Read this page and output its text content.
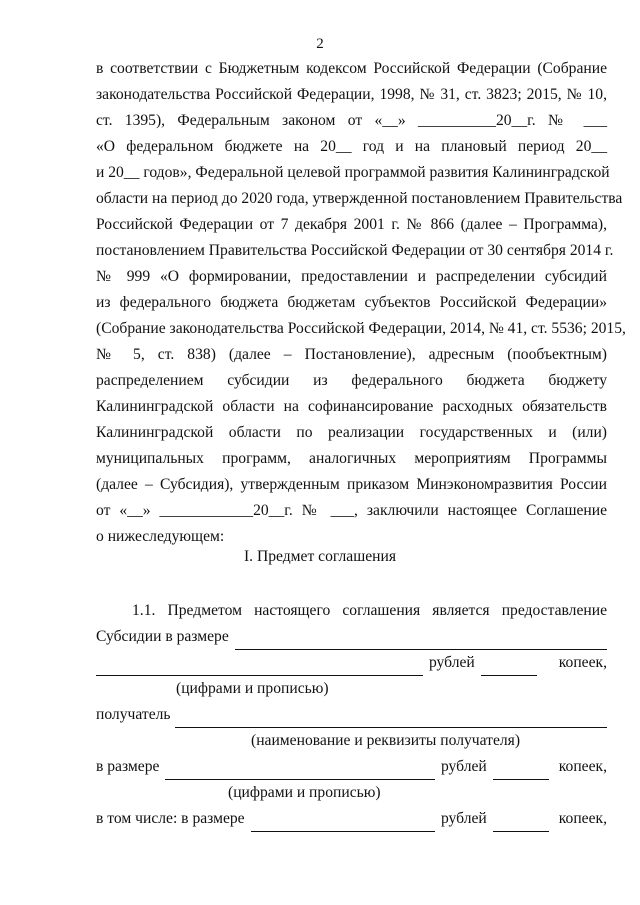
2
в соответствии с Бюджетным кодексом Российской Федерации (Собрание
законодательства Российской Федерации, 1998, № 31, ст. 3823; 2015, № 10,
ст. 1395), Федеральным законом от «__» __________20__г. № ___
«О федеральном бюджете на 20__ год и на плановый период 20__
и 20__ годов», Федеральной целевой программой развития Калининградской
области на период до 2020 года, утвержденной постановлением Правительства
Российской Федерации от 7 декабря 2001 г. № 866 (далее – Программа),
постановлением Правительства Российской Федерации от 30 сентября 2014 г.
№ 999 «О формировании, предоставлении и распределении субсидий
из федерального бюджета бюджетам субъектов Российской Федерации»
(Собрание законодательства Российской Федерации, 2014, № 41, ст. 5536; 2015,
№ 5, ст. 838) (далее – Постановление), адресным (пообъектным)
распределением субсидии из федерального бюджета бюджету
Калининградской области на софинансирование расходных обязательств
Калининградской области по реализации государственных и (или)
муниципальных программ, аналогичных мероприятиям Программы
(далее – Субсидия), утвержденным приказом Минэкономразвития России
от «__» ____________20__г. № ___, заключили настоящее Соглашение
о нижеследующем:
I. Предмет соглашения
1.1. Предметом настоящего соглашения является предоставление
Субсидии в размере
рублей	копеек,
(цифрами и прописью)
получатель
(наименование и реквизиты получателя)
в размере	рублей	копеек,
(цифрами и прописью)
в том числе: в размере	рублей	копеек,
